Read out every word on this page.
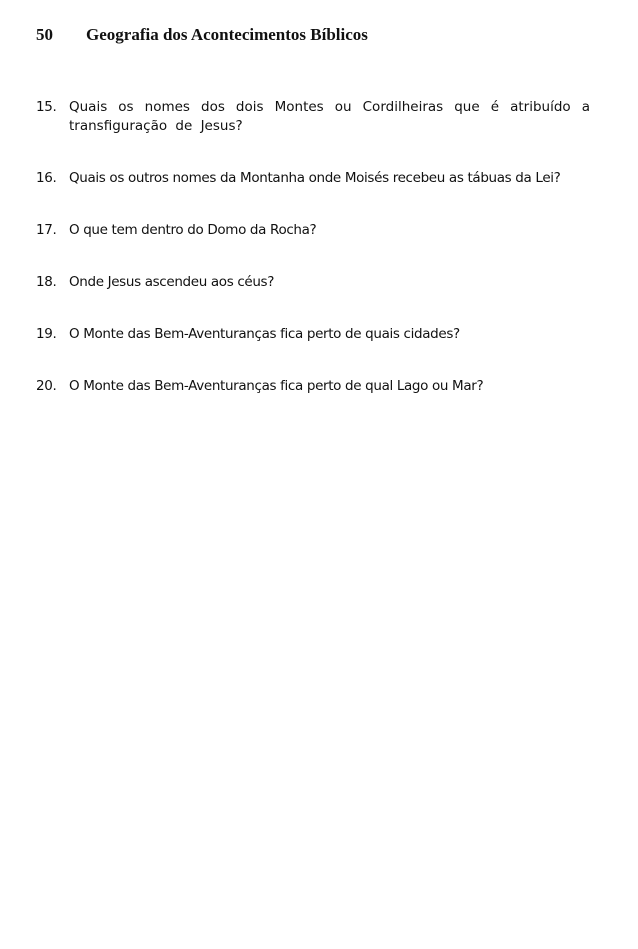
50 Geografia dos Acontecimentos Bíblicos
15. Quais os nomes dos dois Montes ou Cordilheiras que é atribuído a transfiguração de Jesus?
16. Quais os outros nomes da Montanha onde Moisés recebeu as tábuas da Lei?
17. O que tem dentro do Domo da Rocha?
18. Onde Jesus ascendeu aos céus?
19. O Monte das Bem-Aventuranças fica perto de quais cidades?
20. O Monte das Bem-Aventuranças fica perto de qual Lago ou Mar?
